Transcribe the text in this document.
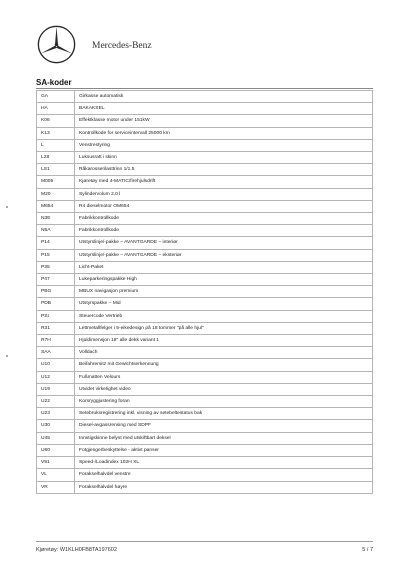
Mercedes-Benz
SA-koder
GA	Girkasse automatisk
HA	BAKAKSEL
K06	Effektklasse motor under 151kW
K13	Kontrollkode for serviceintervall 25000 km
L	Venstrestyring
L28	Luksusratt i skinn
LS1	Råkarosserilasttrinn 1/1.5
M005	Kjøretøy med 4-MATIC/firehjulsdrift
M20	Sylindervolum 2,0 l
M654	R4 dieselmotor OM654
N3E	Fabrikkontrollkode
N5A	Fabrikkontrollkode
P14	Utstyrslinje/-pakke – AVANTGARDE – interiør
P15	Utstyrslinje/-pakke – AVANTGARDE – eksteriør
P35	Licht-Paket
P47	Lukeparkeringspakke High
PBG	MBUX navigasjon premium
PDB	Utstyrspakke – Mid
PSI	Steuercode Vertrieb
R31	Lettmetallfelger i 5-eikedesign på 18 tommer "på alle hjul"
R7H	Hjuldimensjon 18" alle dekk variant 1
SAA	Volldach
U10	Beifahrersitz mit Gewichtserkennung
U12	Fußmatten Velours
U19	Utvidet virkelighet video
U22	Korsryggjustering foran
U23	Setebruksregistrering inkl. visning av setebeltestatus bak
U30	Diesel-avgassrensing med SDPF
U45	Innstigskinne belyst med utskiftbart deksel
U60	Fotgjengerbeskyttelse - aktivt panser
V91	Speed-/Loadindex 102H XL
VL	Forakselhalvdel venstre
VR	Forakselhalvdel høyre
Kjøretøy: W1KLH0FB8TA197602	5 / 7
